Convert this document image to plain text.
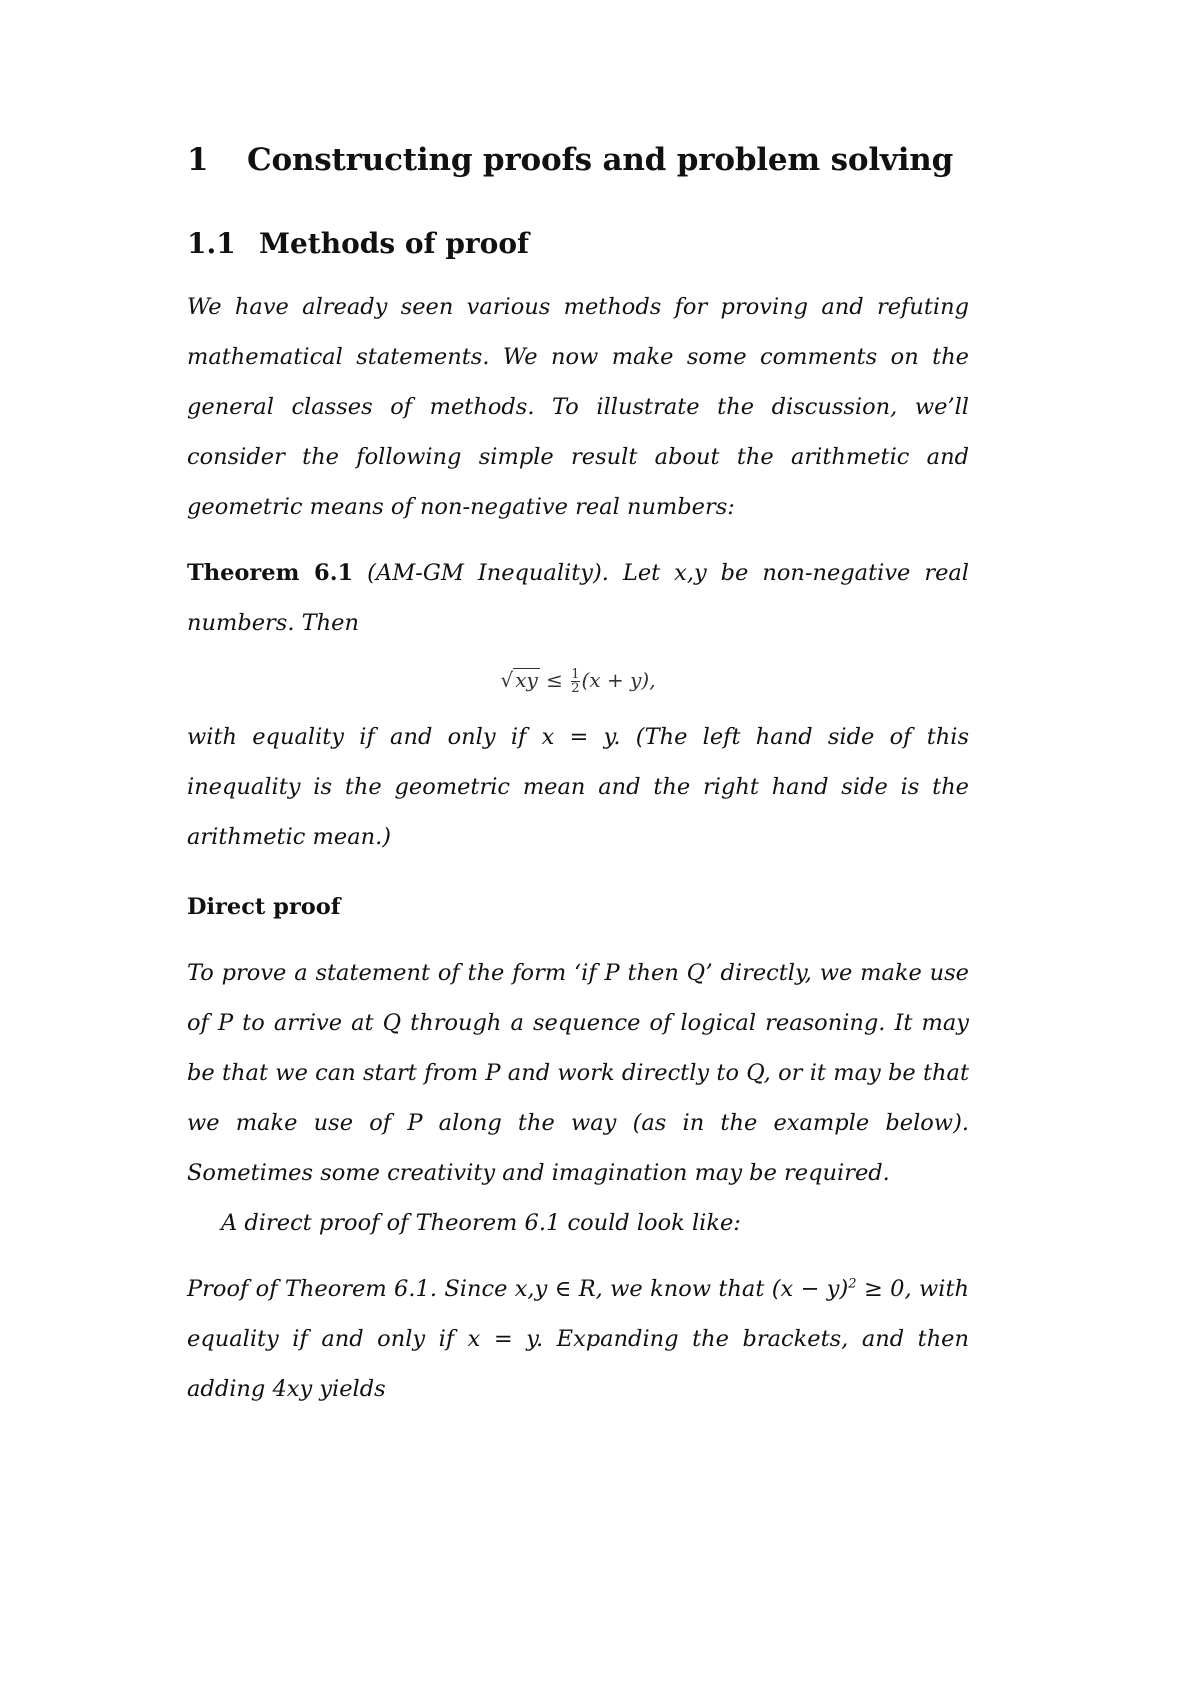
1 Constructing proofs and problem solving
1.1 Methods of proof

We have already seen various methods for proving and refuting mathematical statements. We now make some comments on the general classes of methods. To illustrate the discussion, we’ll consider the following simple result about the arithmetic and geometric means of non-negative real numbers:

Theorem 6.1 (AM-GM Inequality). Let x,y be non-negative real numbers. Then

√ xy ≤ $\frac{1}{2} (x + y)$,

with equality if and only if x = y. (The left hand side of this inequality is the geometric mean and the right hand side is the arithmetic mean.)

Direct proof

To prove a statement of the form ‘if P then Q’ directly, we make use of P to arrive at Q through a sequence of logical reasoning. It may be that we can start from P and work directly to Q, or it may be that we make use of P along the way (as in the example below). Sometimes some creativity and imagination may be required.

A direct proof of Theorem 6.1 could look like:

Proof of Theorem 6.1. Since x,y ∈ R, we know that $(x - y)^2 \ge 0$, with equality if and only if x = y. Expanding the brackets, and then adding 4xy yields
